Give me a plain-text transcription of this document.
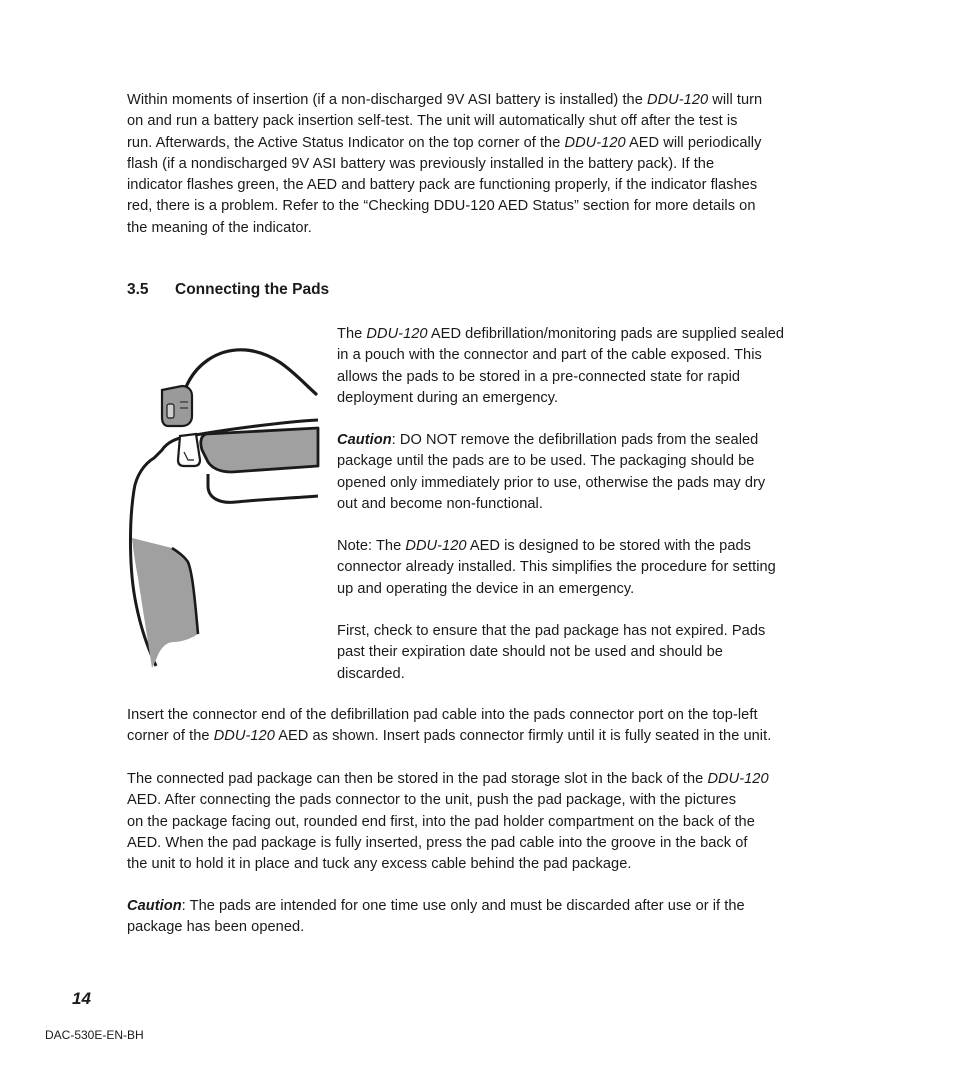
Within moments of insertion (if a non-discharged 9V ASI battery is installed) the DDU-120 will turn
on and run a battery pack insertion self-test. The unit will automatically shut off after the test is
run. Afterwards, the Active Status Indicator on the top corner of the DDU-120 AED will periodically
flash (if a nondischarged 9V ASI battery was previously installed in the battery pack). If the
indicator flashes green, the AED and battery pack are functioning properly, if the indicator flashes
red, there is a problem. Refer to the “Checking DDU-120 AED Status” section for more details on
the meaning of the indicator.
3.5 Connecting the Pads
The DDU-120 AED defibrillation/monitoring pads are supplied sealed
in a pouch with the connector and part of the cable exposed. This
allows the pads to be stored in a pre-connected state for rapid
deployment during an emergency.
Caution: DO NOT remove the defibrillation pads from the sealed
package until the pads are to be used. The packaging should be
opened only immediately prior to use, otherwise the pads may dry
out and become non-functional.
Note: The DDU-120 AED is designed to be stored with the pads
connector already installed. This simplifies the procedure for setting
up and operating the device in an emergency.
First, check to ensure that the pad package has not expired. Pads
past their expiration date should not be used and should be
discarded.
Insert the connector end of the defibrillation pad cable into the pads connector port on the top-left
corner of the DDU-120 AED as shown. Insert pads connector firmly until it is fully seated in the unit.
The connected pad package can then be stored in the pad storage slot in the back of the DDU-120
AED. After connecting the pads connector to the unit, push the pad package, with the pictures
on the package facing out, rounded end first, into the pad holder compartment on the back of the
AED. When the pad package is fully inserted, press the pad cable into the groove in the back of
the unit to hold it in place and tuck any excess cable behind the pad package.
Caution: The pads are intended for one time use only and must be discarded after use or if the
package has been opened.
14
DAC-530E-EN-BH
